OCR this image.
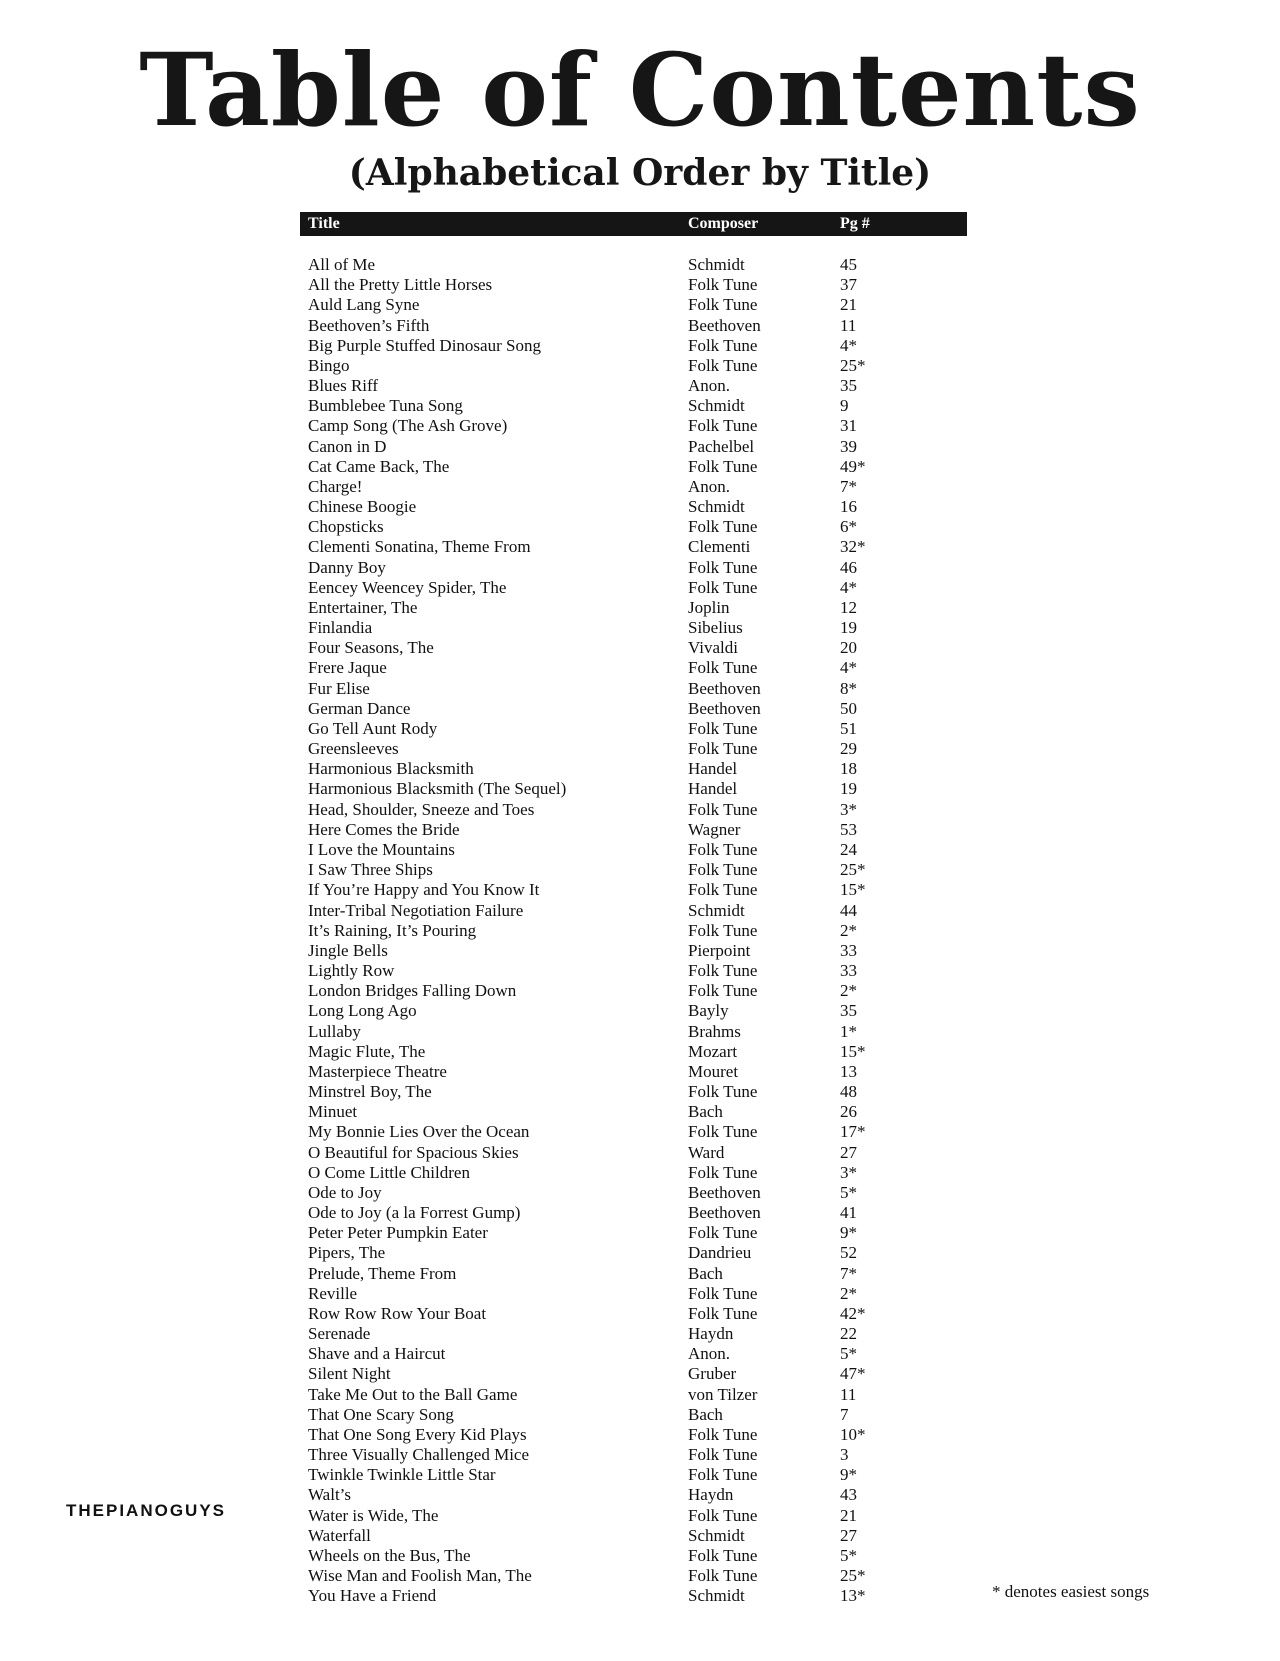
Table of Contents
(Alphabetical Order by Title)
Title	Composer	Pg #
All of Me	Schmidt	45
All the Pretty Little Horses	Folk Tune	37
Auld Lang Syne	Folk Tune	21
Beethoven’s Fifth	Beethoven	11
Big Purple Stuffed Dinosaur Song	Folk Tune	4*
Bingo	Folk Tune	25*
Blues Riff	Anon.	35
Bumblebee Tuna Song	Schmidt	9
Camp Song (The Ash Grove)	Folk Tune	31
Canon in D	Pachelbel	39
Cat Came Back, The	Folk Tune	49*
Charge!	Anon.	7*
Chinese Boogie	Schmidt	16
Chopsticks	Folk Tune	6*
Clementi Sonatina, Theme From	Clementi	32*
Danny Boy	Folk Tune	46
Eencey Weencey Spider, The	Folk Tune	4*
Entertainer, The	Joplin	12
Finlandia	Sibelius	19
Four Seasons, The	Vivaldi	20
Frere Jaque	Folk Tune	4*
Fur Elise	Beethoven	8*
German Dance	Beethoven	50
Go Tell Aunt Rody	Folk Tune	51
Greensleeves	Folk Tune	29
Harmonious Blacksmith	Handel	18
Harmonious Blacksmith (The Sequel)	Handel	19
Head, Shoulder, Sneeze and Toes	Folk Tune	3*
Here Comes the Bride	Wagner	53
I Love the Mountains	Folk Tune	24
I Saw Three Ships	Folk Tune	25*
If You’re Happy and You Know It	Folk Tune	15*
Inter-Tribal Negotiation Failure	Schmidt	44
It’s Raining, It’s Pouring	Folk Tune	2*
Jingle Bells	Pierpoint	33
Lightly Row	Folk Tune	33
London Bridges Falling Down	Folk Tune	2*
Long Long Ago	Bayly	35
Lullaby	Brahms	1*
Magic Flute, The	Mozart	15*
Masterpiece Theatre	Mouret	13
Minstrel Boy, The	Folk Tune	48
Minuet	Bach	26
My Bonnie Lies Over the Ocean	Folk Tune	17*
O Beautiful for Spacious Skies	Ward	27
O Come Little Children	Folk Tune	3*
Ode to Joy	Beethoven	5*
Ode to Joy (a la Forrest Gump)	Beethoven	41
Peter Peter Pumpkin Eater	Folk Tune	9*
Pipers, The	Dandrieu	52
Prelude, Theme From	Bach	7*
Reville	Folk Tune	2*
Row Row Row Your Boat	Folk Tune	42*
Serenade	Haydn	22
Shave and a Haircut	Anon.	5*
Silent Night	Gruber	47*
Take Me Out to the Ball Game	von Tilzer	11
That One Scary Song	Bach	7
That One Song Every Kid Plays	Folk Tune	10*
Three Visually Challenged Mice	Folk Tune	3
Twinkle Twinkle Little Star	Folk Tune	9*
Walt’s	Haydn	43
Water is Wide, The	Folk Tune	21
Waterfall	Schmidt	27
Wheels on the Bus, The	Folk Tune	5*
Wise Man and Foolish Man, The	Folk Tune	25*
You Have a Friend	Schmidt	13*
THEPIANOGUYS
* denotes easiest songs
